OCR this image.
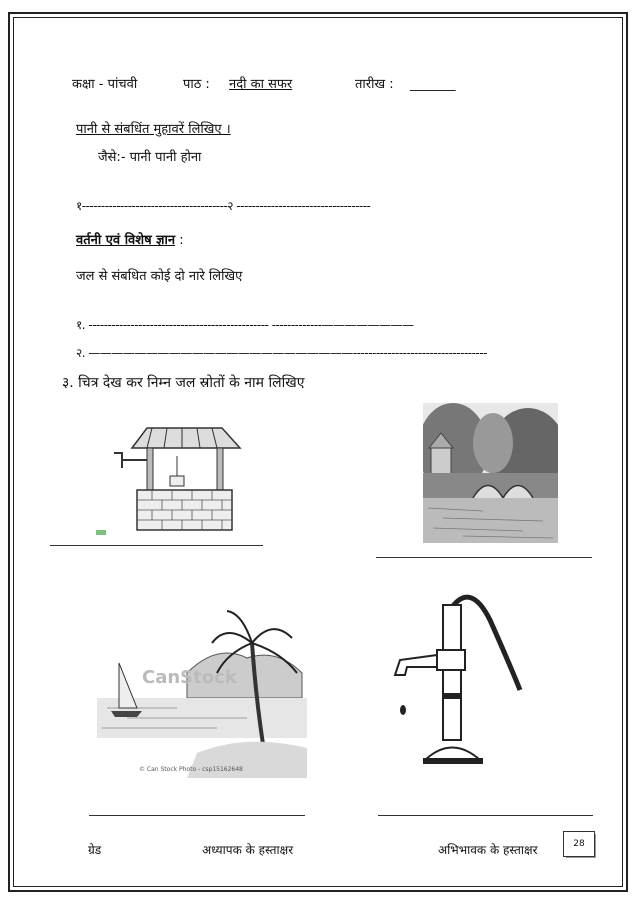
कक्षा - पांचवी	पाठ : नदी का सफर	तारीख : _______
पानी से संबधिंत मुहावरें लिखिए ।
जैसे:- पानी पानी होना
१--------------------------------------२ -----------------------------------
वर्तनी एवं विशेष ज्ञान :
जल से संबधित कोई दो नारे लिखिए
१. ----------------------------------------------- -------------————————
२. ———————————————————————-----------------------------------
३. चित्र देख कर निम्न जल स्रोतों के नाम लिखिए
CanStock
© Can Stock Photo - csp15162648
ग्रेड	अध्यापक के हस्ताक्षर	अभिभावक के हस्ताक्षर	28
